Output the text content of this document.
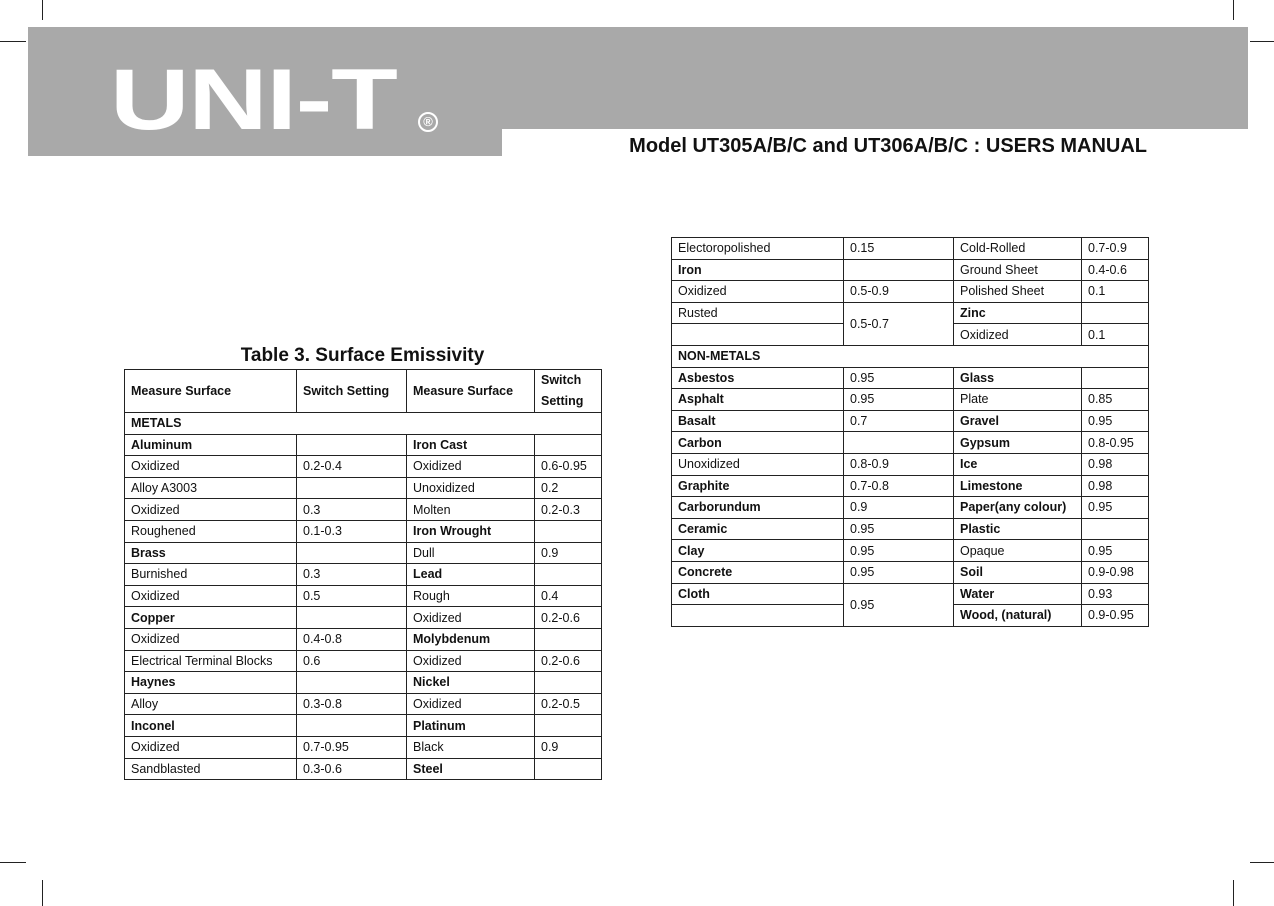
UNI-T	®
Model UT305A/B/C and UT306A/B/C : USERS MANUAL
Table 3. Surface Emissivity
Measure Surface	Switch Setting	Measure Surface	Switch
Setting
METALS			
Aluminum		Iron Cast	
Oxidized	0.2-0.4	Oxidized	0.6-0.95
Alloy A3003		Unoxidized	0.2
Oxidized	0.3	Molten	0.2-0.3
Roughened	0.1-0.3	Iron Wrought	
Brass		Dull	0.9
Burnished	0.3	Lead	
Oxidized	0.5	Rough	0.4
Copper		Oxidized	0.2-0.6
Oxidized	0.4-0.8	Molybdenum	
Electrical Terminal Blocks	0.6	Oxidized	0.2-0.6
Haynes		Nickel	
Alloy	0.3-0.8	Oxidized	0.2-0.5
Inconel		Platinum	
Oxidized	0.7-0.95	Black	0.9
Sandblasted	0.3-0.6	Steel	
Electoropolished	0.15	Cold-Rolled	0.7-0.9
Iron		Ground Sheet	0.4-0.6
Oxidized	0.5-0.9	Polished Sheet	0.1
Rusted	0.5-0.7	Zinc	
		Oxidized	0.1
NON-METALS			
Asbestos	0.95	Glass	
Asphalt	0.95	Plate	0.85
Basalt	0.7	Gravel	0.95
Carbon		Gypsum	0.8-0.95
Unoxidized	0.8-0.9	Ice	0.98
Graphite	0.7-0.8	Limestone	0.98
Carborundum	0.9	Paper(any colour)	0.95
Ceramic	0.95	Plastic	
Clay	0.95	Opaque	0.95
Concrete	0.95	Soil	0.9-0.98
Cloth	0.95	Water	0.93
		Wood, (natural)	0.9-0.95
